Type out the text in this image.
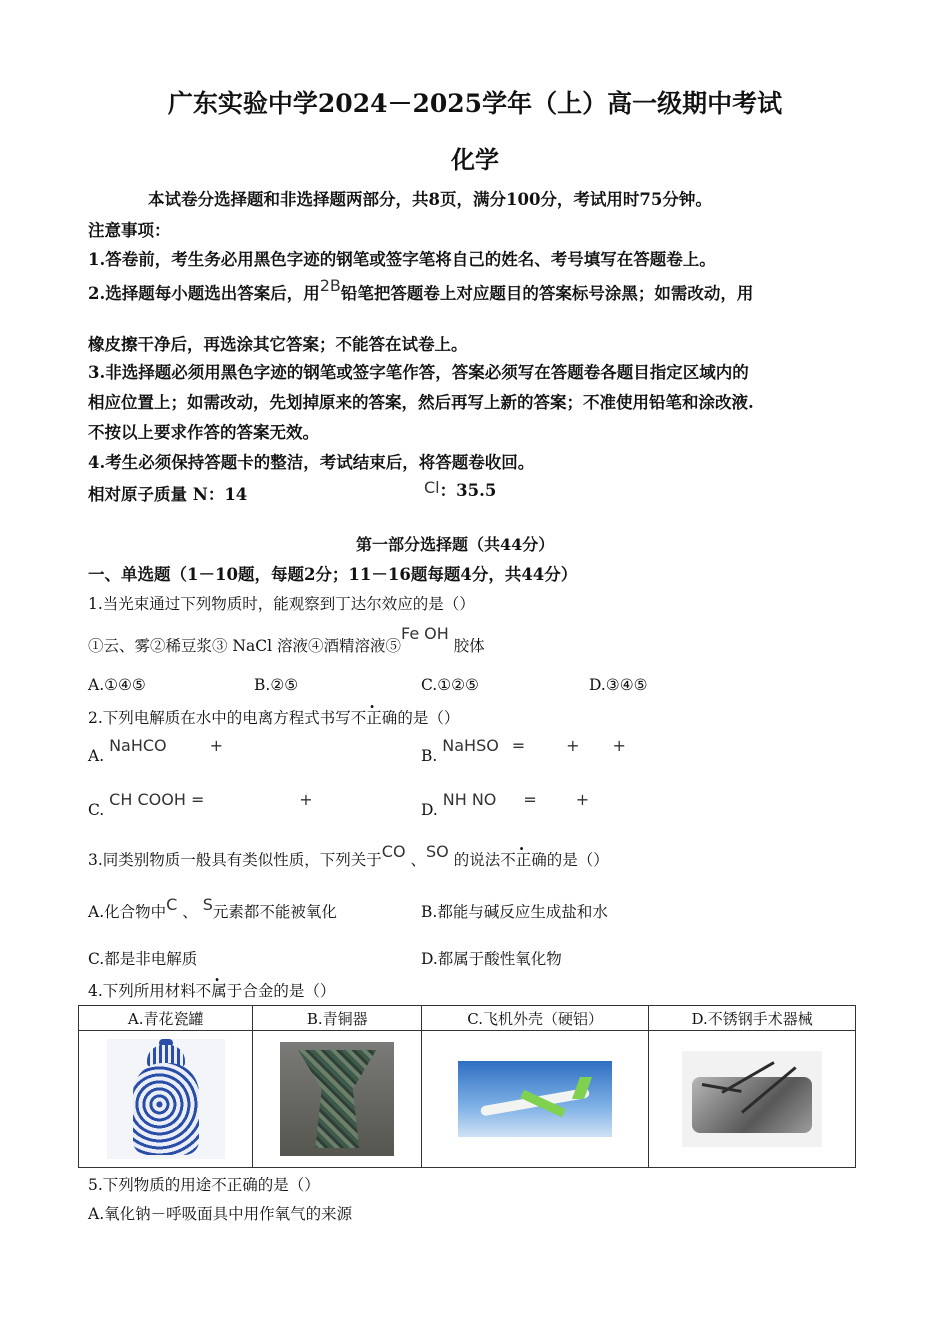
广东实验中学2024－2025学年（上）高一级期中考试
化学
本试卷分选择题和非选择题两部分，共8页，满分100分，考试用时75分钟。
注意事项：
1.答卷前，考生务必用黑色字迹的钢笔或签字笔将自己的姓名、考号填写在答题卷上。
2.选择题每小题选出答案后，用2B铅笔把答题卷上对应题目的答案标号涂黑；如需改动，用
橡皮擦干净后，再选涂其它答案；不能答在试卷上。
3.非选择题必须用黑色字迹的钢笔或签字笔作答，答案必须写在答题卷各题目指定区域内的
相应位置上；如需改动，先划掉原来的答案，然后再写上新的答案；不准使用铅笔和涂改液.
不按以上要求作答的答案无效。
4.考生必须保持答题卡的整洁，考试结束后，将答题卷收回。
相对原子质量 N：14	Cl：35.5
第一部分选择题（共44分）
一、单选题（1－10题，每题2分；11－16题每题4分，共44分）
1.当光束通过下列物质时，能观察到丁达尔效应的是（）
①云、雾②稀豆浆③ NaCl 溶液④酒精溶液⑤Fe OH 胶体
A.①④⑤	B.②⑤	C.①②⑤	D.③④⑤
2.下列电解质在水中的电离方程式书写不正确的是（）
A. NaHCO	+
B. NaHSO =	+ +
C. CH COOH =	+
D. NH NO = +
3.同类别物质一般具有类似性质，下列关于CO 、SO 的说法不正确的是（）
A.化合物中C 、 S元素都不能被氧化	B.都能与碱反应生成盐和水
C.都是非电解质	D.都属于酸性氧化物
4.下列所用材料不属于合金的是（）
A.青花瓷罐	B.青铜器	C.飞机外壳（硬铝）	D.不锈钢手术器械

5.下列物质的用途不正确的是（）
A.氧化钠－呼吸面具中用作氧气的来源
